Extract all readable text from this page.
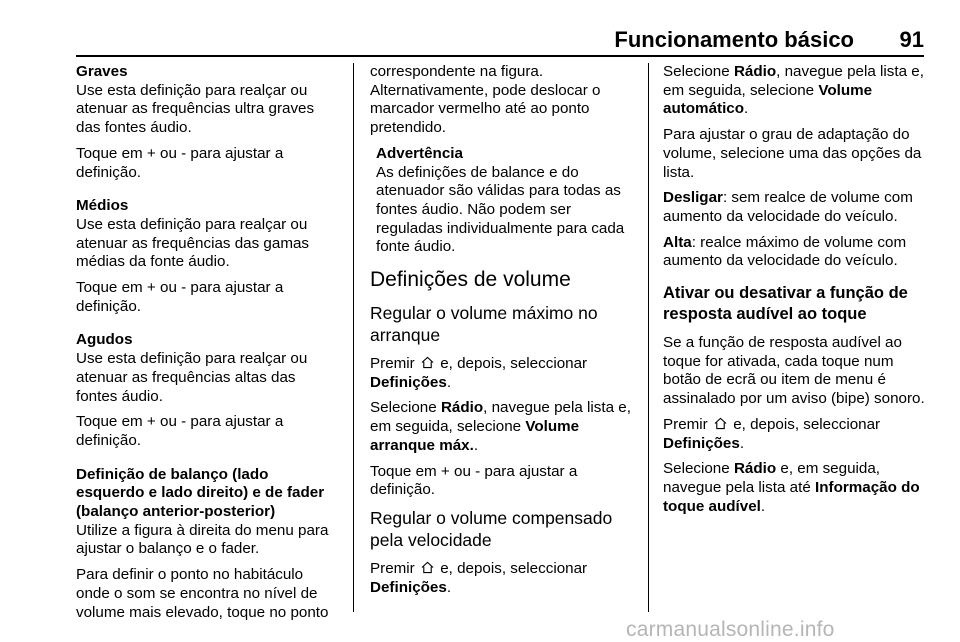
Funcionamento básico 91

Graves
Use esta definição para realçar ou atenuar as frequências ultra graves das fontes áudio.

Toque em + ou - para ajustar a definição.

Médios
Use esta definição para realçar ou atenuar as frequências das gamas médias da fonte áudio.

Toque em + ou - para ajustar a definição.

Agudos
Use esta definição para realçar ou atenuar as frequências altas das fontes áudio.

Toque em + ou - para ajustar a definição.

Definição de balanço (lado esquerdo e lado direito) e de fader (balanço anterior-posterior)
Utilize a figura à direita do menu para ajustar o balanço e o fader.

Para definir o ponto no habitáculo onde o som se encontra no nível de volume mais elevado, toque no ponto

correspondente na figura. Alternativamente, pode deslocar o marcador vermelho até ao ponto pretendido.

Advertência
As definições de balance e do atenuador são válidas para todas as fontes áudio. Não podem ser reguladas individualmente para cada fonte áudio.
Definições de volume
Regular o volume máximo no arranque

Premir e, depois, seleccionar Definições.

Selecione Rádio, navegue pela lista e, em seguida, selecione Volume arranque máx..

Toque em + ou - para ajustar a definição.

Regular o volume compensado pela velocidade

Premir e, depois, seleccionar Definições.

Selecione Rádio, navegue pela lista e, em seguida, selecione Volume automático.

Para ajustar o grau de adaptação do volume, selecione uma das opções da lista.

Desligar: sem realce de volume com aumento da velocidade do veículo.

Alta: realce máximo de volume com aumento da velocidade do veículo.

Ativar ou desativar a função de resposta audível ao toque

Se a função de resposta audível ao toque for ativada, cada toque num botão de ecrã ou item de menu é assinalado por um aviso (bipe) sonoro.

Premir e, depois, seleccionar Definições.

Selecione Rádio e, em seguida, navegue pela lista até Informação do toque audível.

carmanualsonline.info
